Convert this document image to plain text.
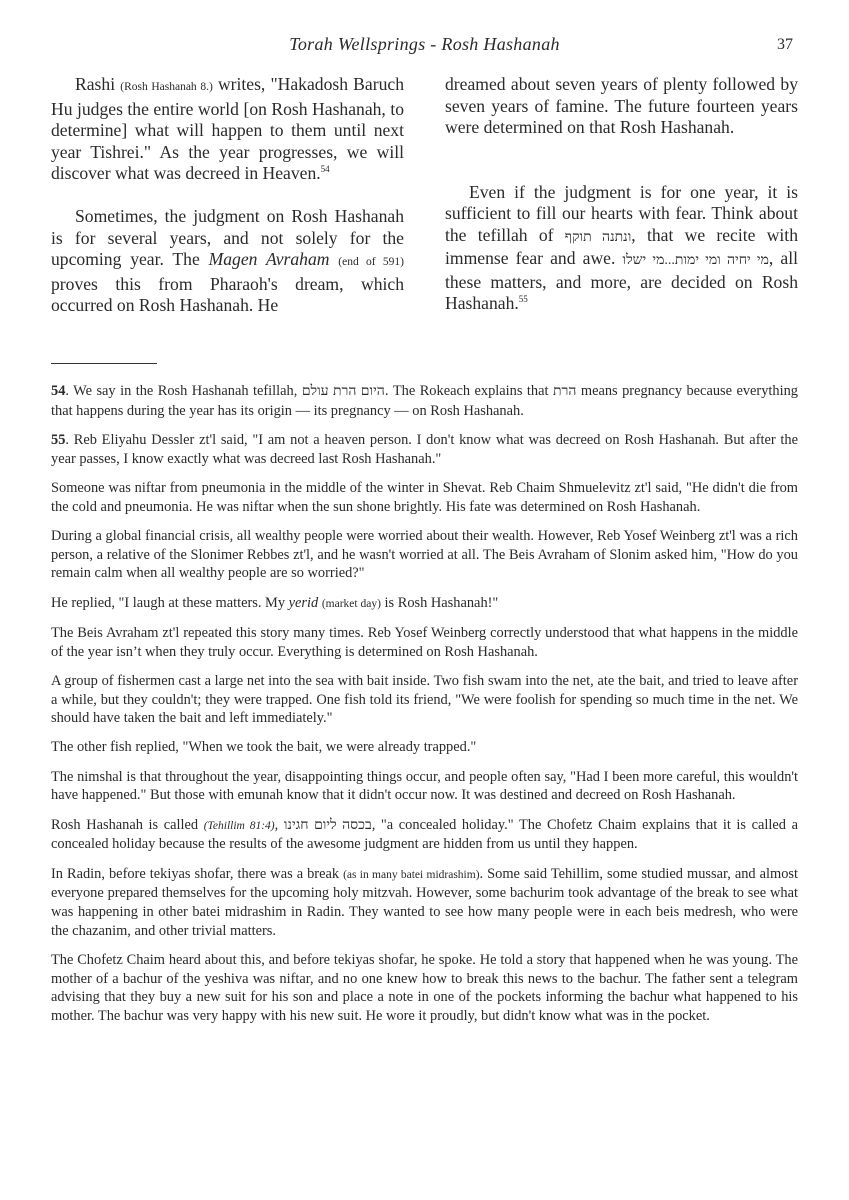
Torah Wellsprings - Rosh Hashanah	37

Rashi (Rosh Hashanah 8.) writes, "Hakadosh Baruch Hu judges the entire world [on Rosh Hashanah, to determine] what will happen to them until next year Tishrei." As the year progresses, we will discover what was decreed in Heaven.$^{54}$

Sometimes, the judgment on Rosh Hashanah is for several years, and not solely for the upcoming year. The Magen Avraham (end of 591) proves this from Pharaoh's dream, which occurred on Rosh Hashanah. He

dreamed about seven years of plenty followed by seven years of famine. The future fourteen years were determined on that Rosh Hashanah.

Even if the judgment is for one year, it is sufficient to fill our hearts with fear. Think about the tefillah of ונתנה תוקף, that we recite with immense fear and awe. מי יחיה ומי ימות...מי ישלו, all these matters, and more, are decided on Rosh Hashanah.$^{55}$

54. We say in the Rosh Hashanah tefillah, היום הרת עולם. The Rokeach explains that הרת means pregnancy because everything that happens during the year has its origin — its pregnancy — on Rosh Hashanah.

55. Reb Eliyahu Dessler zt'l said, "I am not a heaven person. I don't know what was decreed on Rosh Hashanah. But after the year passes, I know exactly what was decreed last Rosh Hashanah."

Someone was niftar from pneumonia in the middle of the winter in Shevat. Reb Chaim Shmuelevitz zt'l said, "He didn't die from the cold and pneumonia. He was niftar when the sun shone brightly. His fate was determined on Rosh Hashanah.

During a global financial crisis, all wealthy people were worried about their wealth. However, Reb Yosef Weinberg zt'l was a rich person, a relative of the Slonimer Rebbes zt'l, and he wasn't worried at all. The Beis Avraham of Slonim asked him, "How do you remain calm when all wealthy people are so worried?"

He replied, "I laugh at these matters. My yerid (market day) is Rosh Hashanah!"

The Beis Avraham zt'l repeated this story many times. Reb Yosef Weinberg correctly understood that what happens in the middle of the year isn’t when they truly occur. Everything is determined on Rosh Hashanah.

A group of fishermen cast a large net into the sea with bait inside. Two fish swam into the net, ate the bait, and tried to leave after a while, but they couldn't; they were trapped. One fish told its friend, "We were foolish for spending so much time in the net. We should have taken the bait and left immediately."

The other fish replied, "When we took the bait, we were already trapped."

The nimshal is that throughout the year, disappointing things occur, and people often say, "Had I been more careful, this wouldn't have happened." But those with emunah know that it didn't occur now. It was destined and decreed on Rosh Hashanah.

Rosh Hashanah is called (Tehillim 81:4), בכסה ליום חגינו, "a concealed holiday." The Chofetz Chaim explains that it is called a concealed holiday because the results of the awesome judgment are hidden from us until they happen.

In Radin, before tekiyas shofar, there was a break (as in many batei midrashim). Some said Tehillim, some studied mussar, and almost everyone prepared themselves for the upcoming holy mitzvah. However, some bachurim took advantage of the break to see what was happening in other batei midrashim in Radin. They wanted to see how many people were in each beis medresh, who were the chazanim, and other trivial matters.

The Chofetz Chaim heard about this, and before tekiyas shofar, he spoke. He told a story that happened when he was young. The mother of a bachur of the yeshiva was niftar, and no one knew how to break this news to the bachur. The father sent a telegram advising that they buy a new suit for his son and place a note in one of the pockets informing the bachur what happened to his mother. The bachur was very happy with his new suit. He wore it proudly, but didn't know what was in the pocket.
